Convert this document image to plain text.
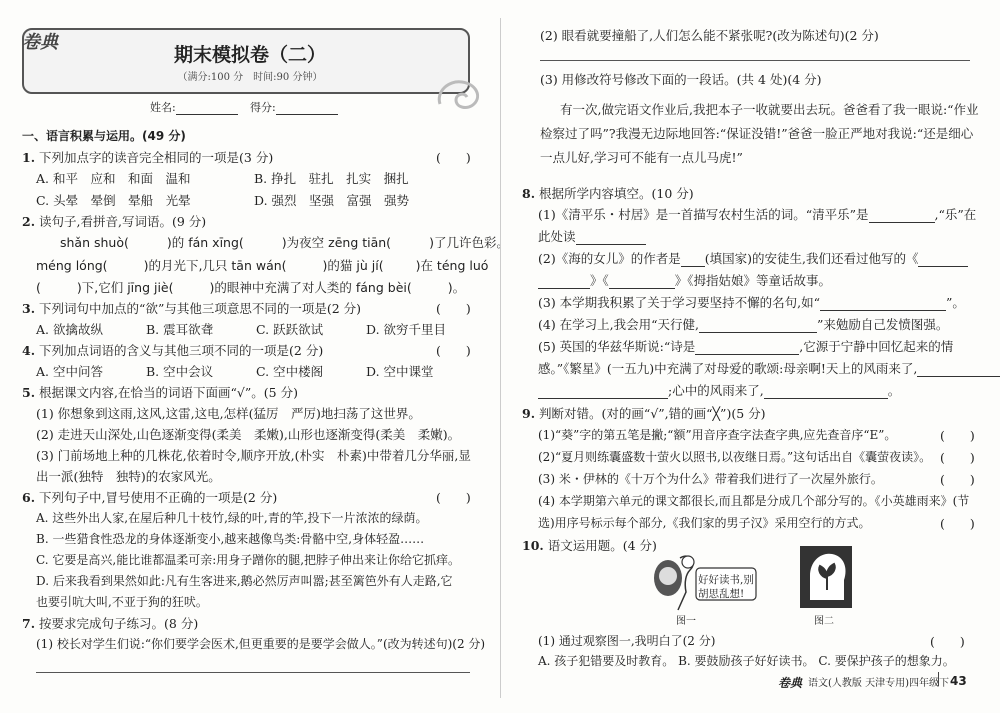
卷典
期末模拟卷（二）
（满分:100 分　时间:90 分钟）
姓名:	得分:
一、语言积累与运用。(49 分)
1. 下列加点字的读音完全相同的一项是(3 分)	(　　)
A. 和平　应和　和面　温和	B. 挣扎　驻扎　扎实　捆扎
C. 头晕　晕倒　晕船　光晕	D. 强烈　坚强　富强　强势
2. 读句子,看拼音,写词语。(9 分)
shǎn shuò(	)的 fán xīng(	)为夜空 zēng tiān(	)了几许色彩。
méng lóng(	)的月光下,几只 tān wán(	)的猫 jù jí(	)在 téng luó
(	)下,它们 jīng jiè(	)的眼神中充满了对人类的 fáng bèi(	)。
3. 下列词句中加点的“欲”与其他三项意思不同的一项是(2 分)	(　　)
A. 欲擒故纵	B. 震耳欲聋	C. 跃跃欲试	D. 欲穷千里目
4. 下列加点词语的含义与其他三项不同的一项是(2 分)	(　　)
A. 空中问答	B. 空中会议	C. 空中楼阁	D. 空中课堂
5. 根据课文内容,在恰当的词语下面画“√”。(5 分)
(1) 你想象到这雨,这风,这雷,这电,怎样(猛厉　严厉)地扫荡了这世界。
(2) 走进天山深处,山色逐渐变得(柔美　柔嫩),山形也逐渐变得(柔美　柔嫩)。
(3) 门前场地上种的几株花,依着时令,顺序开放,(朴实　朴素)中带着几分华丽,显
出一派(独特　独特)的农家风光。
6. 下列句子中,冒号使用不正确的一项是(2 分)	(　　)
A. 这些外出人家,在屋后种几十枝竹,绿的叶,青的竿,投下一片浓浓的绿荫。
B. 一些猎食性恐龙的身体逐渐变小,越来越像鸟类:骨骼中空,身体轻盈……
C. 它要是高兴,能比谁都温柔可亲:用身子蹭你的腿,把脖子伸出来让你给它抓痒。
D. 后来我看到果然如此:凡有生客进来,鹅必然厉声叫嚣;甚至篱笆外有人走路,它
也要引吭大叫,不亚于狗的狂吠。
7. 按要求完成句子练习。(8 分)
(1) 校长对学生们说:“你们要学会医术,但更重要的是要学会做人。”(改为转述句)(2 分)
(2) 眼看就要撞船了,人们怎么能不紧张呢?(改为陈述句)(2 分)
(3) 用修改符号修改下面的一段话。(共 4 处)(4 分)
有一次,做完语文作业后,我把本子一收就要出去玩。爸爸看了我一眼说:“作业
检察过了吗”?我漫无边际地回答:“保证没错!”爸爸一脸正严地对我说:“还是细心
一点儿好,学习可不能有一点儿马虎!”
8. 根据所学内容填空。(10 分)
(1)《清平乐・村居》是一首描写农村生活的词。“清平乐”是	,“乐”在
此处读
(2)《海的女儿》的作者是 (填国家)的安徒生,我们还看过他写的《
》《	》《拇指姑娘》等童话故事。
(3) 本学期我积累了关于学习要坚持不懈的名句,如“	”。
(4) 在学习上,我会用“天行健,	”来勉励自己发愤图强。
(5) 英国的华兹华斯说:“诗是	,它源于宁静中回忆起来的情
感。”《繁星》(一五九)中充满了对母爱的歌颂:母亲啊!天上的风雨来了,
;心中的风雨来了,	。
9. 判断对错。(对的画“√”,错的画“╳”)(5 分)
(1)“葵”字的第五笔是撇;“额”用音序查字法查字典,应先查音序“E”。	(　　)
(2)“夏月则练囊盛数十萤火以照书,以夜继日焉。”这句话出自《囊萤夜读》。 (　　)
(3) 米・伊林的《十万个为什么》带着我们进行了一次屋外旅行。	(　　)
(4) 本学期第六单元的课文都很长,而且都是分成几个部分写的。《小英雄雨来》(节
选)用序号标示每个部分,《我们家的男子汉》采用空行的方式。	(　　)
10. 语文运用题。(4 分)
好好读书,别
胡思乱想!
图一	图二
(1) 通过观察图一,我明白了(2 分)	(　　)
A. 孩子犯错要及时教育。 B. 要鼓励孩子好好读书。 C. 要保护孩子的想象力。
卷典 语文(人教版 天津专用)四年级下 43
